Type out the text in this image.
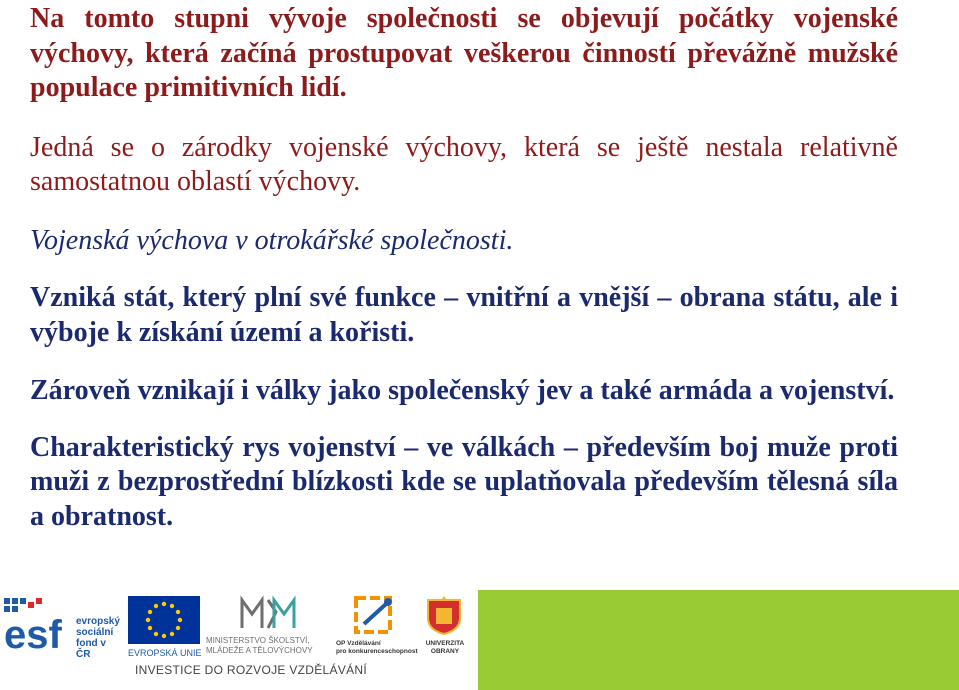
Na tomto stupni vývoje společnosti se objevují počátky vojenské výchovy, která začíná prostupovat veškerou činností převážně mužské populace primitivních lidí.

Jedná se o zárodky vojenské výchovy, která se ještě nestala relativně samostatnou oblastí výchovy.

Vojenská výchova v otrokářské společnosti.

Vzniká stát, který plní své funkce – vnitřní a vnější – obrana státu, ale i výboje k získání území a kořisti.

Zároveň vznikají i války jako společenský jev a také armáda a vojenství.

Charakteristický rys vojenství – ve válkách – především boj muže proti muži z bezprostřední blízkosti kde se uplatňovala především tělesná síla a obratnost.

esf evropský
sociální
fond v ČR	EVROPSKÁ UNIE
MINISTERSTVO ŠKOLSTVÍ,
MLÁDEŽE A TĚLOVÝCHOVY
OP Vzdělávání
pro konkurenceschopnost
UNIVERZITA
OBRANY
INVESTICE DO ROZVOJE VZDĚLÁVÁNÍ
